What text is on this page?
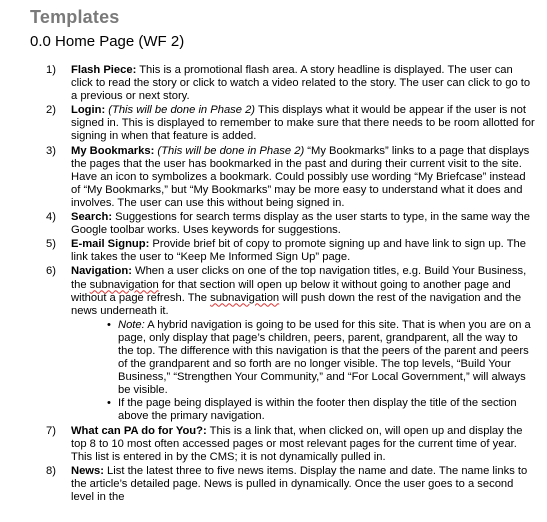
Templates
0.0 Home Page (WF 2)
1)	Flash Piece: This is a promotional flash area. A story headline is displayed. The user can click to read the story or click to watch a video related to the story. The user can click to go to a previous or next story.
2)	Login: (This will be done in Phase 2) This displays what it would be appear if the user is not signed in. This is displayed to remember to make sure that there needs to be room allotted for signing in when that feature is added.
3)	My Bookmarks: (This will be done in Phase 2) “My Bookmarks” links to a page that displays the pages that the user has bookmarked in the past and during their current visit to the site. Have an icon to symbolizes a bookmark. Could possibly use wording “My Briefcase” instead of “My Bookmarks,” but “My Bookmarks” may be more easy to understand what it does and involves. The user can use this without being signed in.
4)	Search: Suggestions for search terms display as the user starts to type, in the same way the Google toolbar works. Uses keywords for suggestions.
5)	E-mail Signup: Provide brief bit of copy to promote signing up and have link to sign up. The link takes the user to “Keep Me Informed Sign Up” page.
6)	Navigation: When a user clicks on one of the top navigation titles, e.g. Build Your Business, the subnavigation for that section will open up below it without going to another page and without a page refresh. The subnavigation will push down the rest of the navigation and the news underneath it.
• Note: A hybrid navigation is going to be used for this site. That is when you are on a page, only display that page’s children, peers, parent, grandparent, all the way to the top. The difference with this navigation is that the peers of the parent and peers of the grandparent and so forth are no longer visible. The top levels, “Build Your Business,” “Strengthen Your Community,” and “For Local Government,” will always be visible.
• If the page being displayed is within the footer then display the title of the section above the primary navigation.
7)	What can PA do for You?: This is a link that, when clicked on, will open up and display the top 8 to 10 most often accessed pages or most relevant pages for the current time of year. This list is entered in by the CMS; it is not dynamically pulled in.
8)	News: List the latest three to five news items. Display the name and date. The name links to the article’s detailed page. News is pulled in dynamically. Once the user goes to a second level in the
